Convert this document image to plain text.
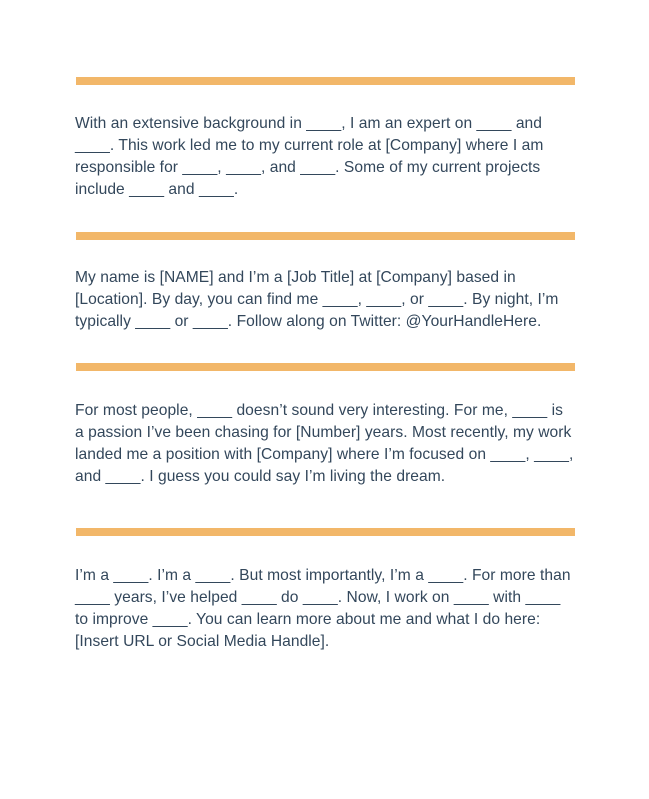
With an extensive background in ____, I am an expert on ____ and ____. This work led me to my current role at [Company] where I am responsible for ____, ____, and ____. Some of my current projects include ____ and ____.

My name is [NAME] and I’m a [Job Title] at [Company] based in [Location]. By day, you can find me ____, ____, or ____. By night, I’m typically ____ or ____. Follow along on Twitter: @YourHandleHere.

For most people, ____ doesn’t sound very interesting. For me, ____ is a passion I’ve been chasing for [Number] years. Most recently, my work landed me a position with [Company] where I’m focused on ____, ____, and ____. I guess you could say I’m living the dream.

I’m a ____. I’m a ____. But most importantly, I’m a ____. For more than ____ years, I’ve helped ____ do ____. Now, I work on ____ with ____ to improve ____. You can learn more about me and what I do here: [Insert URL or Social Media Handle].
